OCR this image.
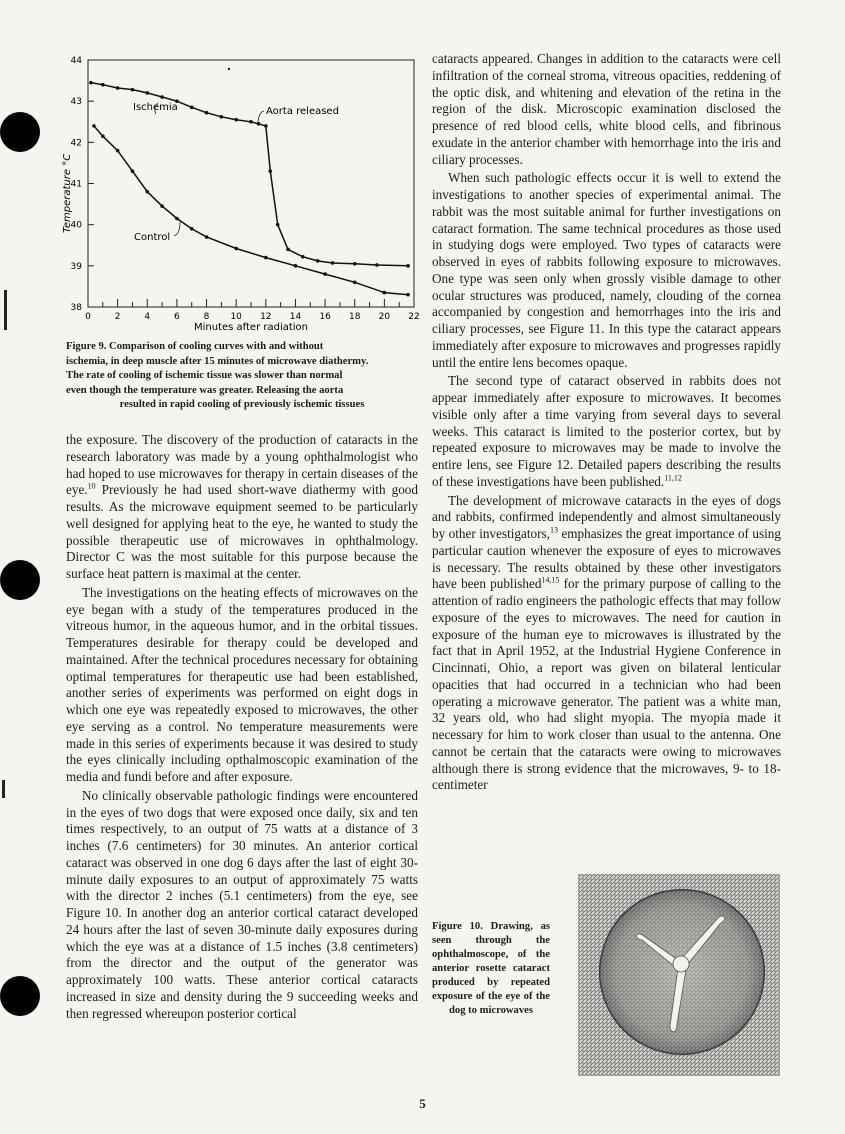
38
39
40
41
42
43
44
0	2	4	6	8 10 12 14 16 18 20 22
Ischemia	Aorta released
Control
Temperature °C
Minutes after radiation
Figure 9. Comparison of cooling curves with and without
ischemia, in deep muscle after 15 minutes of microwave diathermy.
The rate of cooling of ischemic tissue was slower than normal
even though the temperature was greater. Releasing the aorta

resulted in rapid cooling of previously ischemic tissues

the exposure. The discovery of the production of cataracts in the research laboratory was made by a young ophthalmologist who had hoped to use microwaves for therapy in certain diseases of the eye.$^{10}$ Previously he had used short-wave diathermy with good results. As the microwave equipment seemed to be particularly well designed for applying heat to the eye, he wanted to study the possible therapeutic use of microwaves in ophthalmology. Director C was the most suitable for this purpose because the surface heat pattern is maximal at the center.

The investigations on the heating effects of microwaves on the eye began with a study of the temperatures produced in the vitreous humor, in the aqueous humor, and in the orbital tissues. Temperatures desirable for therapy could be developed and maintained. After the technical procedures necessary for obtaining optimal temperatures for therapeutic use had been established, another series of experiments was performed on eight dogs in which one eye was repeatedly exposed to microwaves, the other eye serving as a control. No temperature measurements were made in this series of experiments because it was desired to study the eyes clinically including opthalmoscopic examination of the media and fundi before and after exposure.

No clinically observable pathologic findings were encountered in the eyes of two dogs that were exposed once daily, six and ten times respectively, to an output of 75 watts at a distance of 3 inches (7.6 centimeters) for 30 minutes. An anterior cortical cataract was observed in one dog 6 days after the last of eight 30-minute daily exposures to an output of approximately 75 watts with the director 2 inches (5.1 centimeters) from the eye, see Figure 10. In another dog an anterior cortical cataract developed 24 hours after the last of seven 30-minute daily exposures during which the eye was at a distance of 1.5 inches (3.8 centimeters) from the director and the output of the generator was approximately 100 watts. These anterior cortical cataracts increased in size and density during the 9 succeeding weeks and then regressed whereupon posterior cortical

cataracts appeared. Changes in addition to the cataracts were cell infiltration of the corneal stroma, vitreous opacities, reddening of the optic disk, and whitening and elevation of the retina in the region of the disk. Microscopic examination disclosed the presence of red blood cells, white blood cells, and fibrinous exudate in the anterior chamber with hemorrhage into the iris and ciliary processes.

When such pathologic effects occur it is well to extend the investigations to another species of experimental animal. The rabbit was the most suitable animal for further investigations on cataract formation. The same technical procedures as those used in studying dogs were employed. Two types of cataracts were observed in eyes of rabbits following exposure to microwaves. One type was seen only when grossly visible damage to other ocular structures was produced, namely, clouding of the cornea accompanied by congestion and hemorrhages into the iris and ciliary processes, see Figure 11. In this type the cataract appears immediately after exposure to microwaves and progresses rapidly until the entire lens becomes opaque.

The second type of cataract observed in rabbits does not appear immediately after exposure to microwaves. It becomes visible only after a time varying from several days to several weeks. This cataract is limited to the posterior cortex, but by repeated exposure to microwaves may be made to involve the entire lens, see Figure 12. Detailed papers describing the results of these investigations have been published.$^{11,12}$

The development of microwave cataracts in the eyes of dogs and rabbits, confirmed independently and almost simultaneously by other investigators,$^{13}$ emphasizes the great importance of using particular caution whenever the exposure of eyes to microwaves is necessary. The results obtained by these other investigators have been published$^{14,15}$ for the primary purpose of calling to the attention of radio engineers the pathologic effects that may follow exposure of the eyes to microwaves. The need for caution in exposure of the human eye to microwaves is illustrated by the fact that in April 1952, at the Industrial Hygiene Conference in Cincinnati, Ohio, a report was given on bilateral lenticular opacities that had occurred in a technician who had been operating a microwave generator. The patient was a white man, 32 years old, who had slight myopia. The myopia made it necessary for him to work closer than usual to the antenna. One cannot be certain that the cataracts were owing to microwaves although there is strong evidence that the microwaves, 9- to 18- centimeter

Figure 10. Drawing, as seen through the ophthalmoscope, of the anterior rosette cataract produced by repeated exposure of the eye of the dog to microwaves
5
